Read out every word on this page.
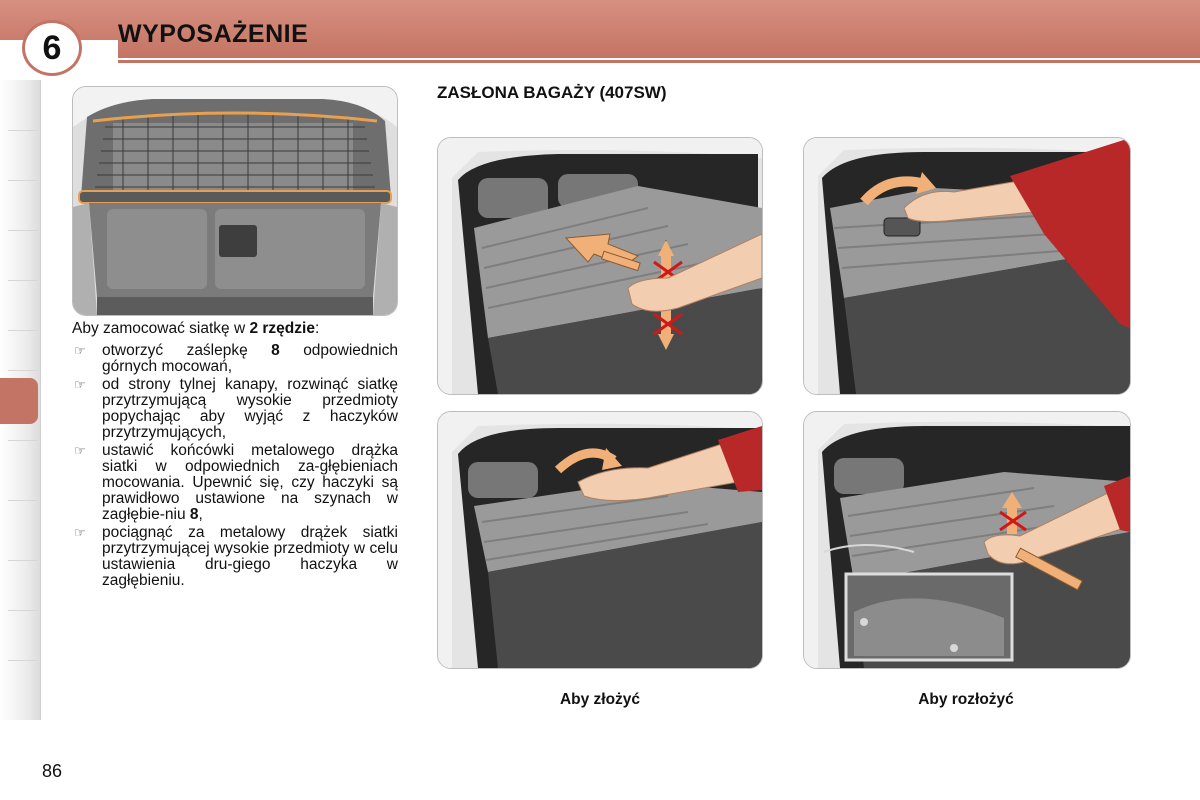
6 WYPOSAŻENIE
Aby zamocować siatkę w 2 rzędzie:
☞ otworzyć zaślepkę 8 odpowiednich górnych mocowań,
☞ od strony tylnej kanapy, rozwinąć siatkę przytrzymującą wysokie przedmioty popychając aby wyjąć z haczyków przytrzymujących,
☞ ustawić końcówki metalowego drążka siatki w odpowiednich za-głębieniach mocowania. Upewnić się, czy haczyki są prawidłowo ustawione na szynach w zagłębie-niu 8,
☞ pociągnąć za metalowy drążek siatki przytrzymującej wysokie przedmioty w celu ustawienia dru-giego haczyka w zagłębieniu.
ZASŁONA BAGAŻY (407SW)
Aby złożyć	Aby rozłożyć
86
